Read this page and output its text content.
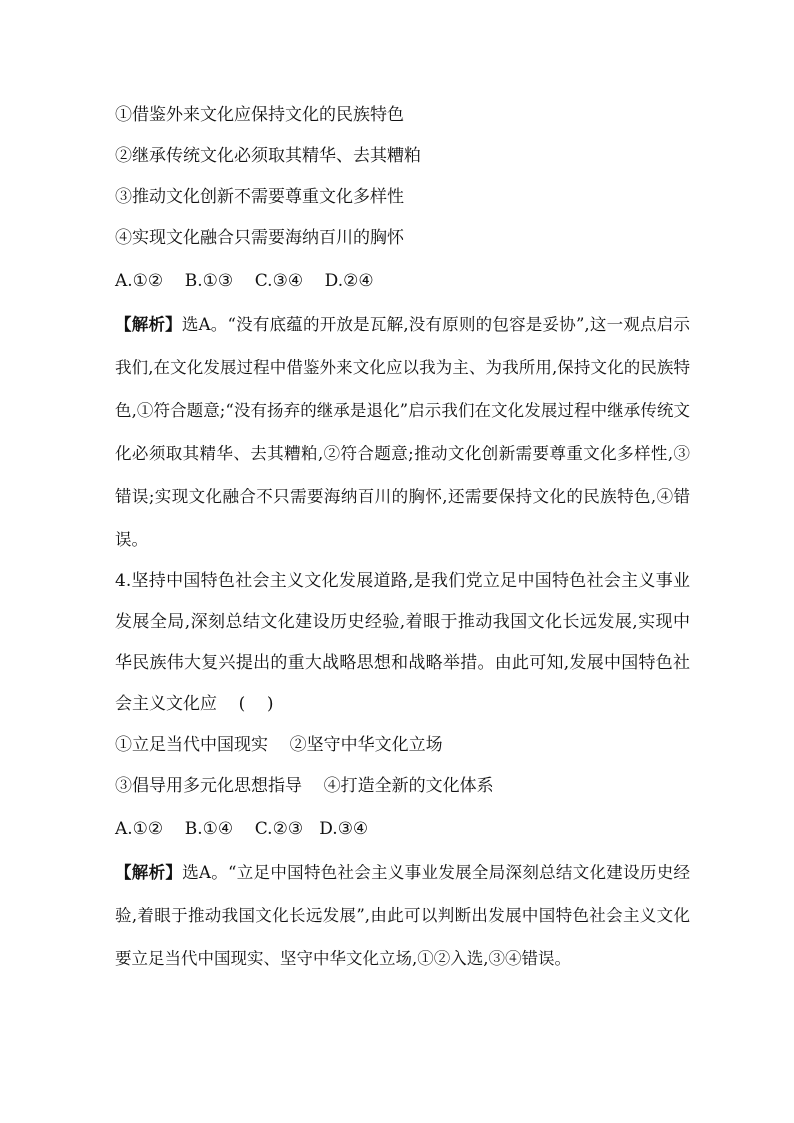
①借鉴外来文化应保持文化的民族特色
②继承传统文化必须取其精华、去其糟粕
③推动文化创新不需要尊重文化多样性
④实现文化融合只需要海纳百川的胸怀
A.①②    B.①③    C.③④    D.②④
【解析】选A。“没有底蕴的开放是瓦解,没有原则的包容是妥协”,这一观点启示我们,在文化发展过程中借鉴外来文化应以我为主、为我所用,保持文化的民族特色,①符合题意;“没有扬弃的继承是退化”启示我们在文化发展过程中继承传统文化必须取其精华、去其糟粕,②符合题意;推动文化创新需要尊重文化多样性,③错误;实现文化融合不只需要海纳百川的胸怀,还需要保持文化的民族特色,④错误。
4.坚持中国特色社会主义文化发展道路,是我们党立足中国特色社会主义事业发展全局,深刻总结文化建设历史经验,着眼于推动我国文化长远发展,实现中华民族伟大复兴提出的重大战略思想和战略举措。由此可知,发展中国特色社会主义文化应    (    )
①立足当代中国现实    ②坚守中华文化立场
③倡导用多元化思想指导    ④打造全新的文化体系
A.①②    B.①④    C.②③   D.③④
【解析】选A。“立足中国特色社会主义事业发展全局深刻总结文化建设历史经验,着眼于推动我国文化长远发展”,由此可以判断出发展中国特色社会主义文化要立足当代中国现实、坚守中华文化立场,①②入选,③④错误。
